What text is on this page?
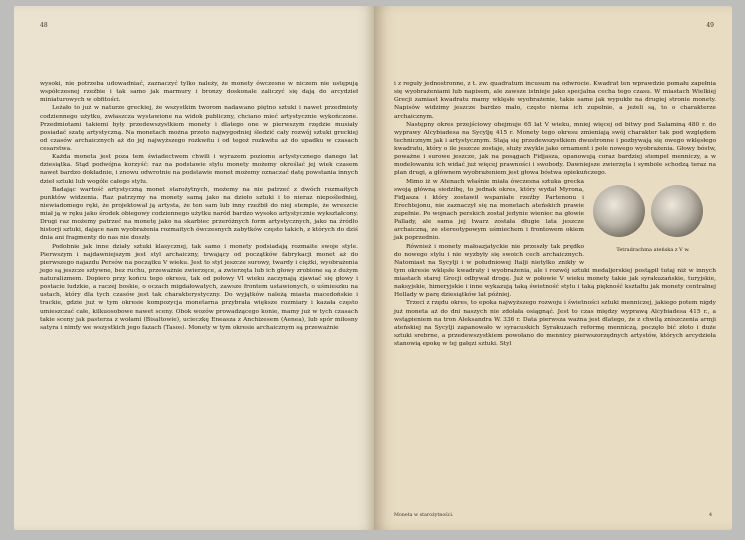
48

wysoki, nie potrzeba udowadniać, zaznaczyć tylko należy, że monety ówczesne w niczem nie ustępują współczesnej rzeźbie i tak samo jak marmury i bronzy doskonale zaliczyć się dają do arcydzieł miniaturowych w obfitości.

Leżało to już w naturze greckiej, że wszystkim tworom nadawano piętno sztuki i nawet przedmioty codziennego użytku, zwłaszcza wystawione na widok publiczny, chciano mieć artystycznie wykończone. Przedmiotami takiemi były przedewszystkiem monety i dlatego one w pierwszym rzędzie musiały posiadać szatę artystyczną. Na monetach można przeto najwygodniej śledzić cały rozwój sztuki greckiej od czasów archaicznych aż do jej najwyższego rozkwitu i od tegoż rozkwitu aż do upadku w czasach cesarstwa.

Każda moneta jest poza tem świadectwem chwili i wyrazem poziomu artystycznego danego lat dziesiątka. Stąd podwójna korzyść: raz na podstawie stylu monety możemy określać jej wiek czasem nawet bardzo dokładnie, i znowu odwrotnie na podstawie monet możemy oznaczać datę powstania innych dzieł sztuki lub wogóle całego stylu.

Badając wartość artystyczną monet starożytnych, możemy na nie patrzeć z dwóch rozmaitych punktów widzenia. Raz patrzymy na monety samą jako na dzieło sztuki i to nieraz niepośledniej, niewiadomego ręki, że projektował ją artysta, że ten sam lub inny rzeźbił do niej stemple, że wreszcie miał ją w ręku jako środek obiegowy codziennego użytku naród bardzo wysoko artystycznie wykształcony. Drugi raz możemy patrzeć na monetę jako na skarbiec przeróżnych form artystycznych, jako na źródło historji sztuki, dające nam wyobrażenia rozmaitych ówczesnych zabytków często takich, z których do dziś dnia ani fragmenty do nas nie doszły.

Podobnie jak inne działy sztuki klasycznej, tak samo i monety podsiadają rozmaite swoje style. Pierwszym i najdawniejszym jest styl archaiczny, trwający od początków fabrykacji monet aż do pierwszego najazdu Persów na początku V wieku. Jest to styl jeszcze surowy, twardy i ciężki, wyobrażenia jego są jeszcze sztywne, bez ruchu, przeważnie zwierzęce, a zwierzęta lub ich głowy zrobione są z dużym naturalizmem. Dopiero przy końcu tego okresu, tak od połowy VI wieku zaczynają zjawiać się głowy i postacie ludzkie, a raczej boskie, o oczach migdałowatych, zawsze frontem ustawionych, o uśmieszku na ustach, który dla tych czasów jest tak charakterystyczny. Do wyjątków należą miasta macedońskie i trackie, gdzie już w tym okresie kompozycja monetarna przybrała większe rozmiary i kazała często umieszczać całe, kilkuosobowe nawet sceny. Obok wozów prowadzącego konie, mamy już w tych czasach takie sceny jak pasterza z wołami (Bisaltowie), ucieczkę Eneasza z Anchizesem (Aenea), lub spór miłosny satyra i nimfy we wszystkich jego fazach (Tasos). Monety w tym okresie archaicznym są przeważnie

49

i z reguły jednostronne, z t. zw. quadratum incusum na odwrocie. Kwadrat ten wprawdzie pomału zapełnia się wyobrażeniami lub napisem, ale zawsze istnieje jako specjalna cecha tego czasu. W miastach Wielkiej Grecji zamiast kwadratu mamy wklęsłe wyobrażenie, takie same jak wypukłe na drugiej stronie monety. Napisów widzimy jeszcze bardzo mało, często niema ich zupełnie, a jeżeli są, to o charakterze archaicznym.

Następny okres przejściowy obejmuje 65 lat V wieku, mniej więcej od bitwy pod Salaminą 480 r. do wyprawy Alcybiadesa na Sycylję 415 r. Monety tego okresu zmieniają swój charakter tak pod względem technicznym jak i artystycznym. Stają się przedewszystkiem dwustronne i pozbywają się owego wklęsłego kwadratu, który o ile jeszcze zostaje, służy zwykle jako ornament i pole nowego wyobrażenia. Głowy bóstw, poważne i surowe jeszcze, jak na posągach Fidjasza, opanowują coraz bardziej stempel menniczy, a w modelowaniu ich widać już więcej prawności i swobody. Dawniejsze zwierzęta i symbole schodzą teraz na plan drugi, a głównem wyobrażeniem jest głowa bóstwa opiekuńczego.

Tetradrachma ateńska z V w.

Mimo iż w Atenach właśnie miała ówczesna sztuka grecka swoją główną siedzibę, to jednak okres, który wydał Myrona, Fidjasza i który zostawił wspaniałe rzeźby Partenonu i Erechtejonu, nie zaznaczył się na monetach ateńskich prawie zupełnie. Po wojnach perskich został jedynie wieniec na głowie Pallady, ale sama jej twarz została długie lata jeszcze archaiczną, ze stereotypowym uśmiechem i frontowem okiem jak poprzednio.

Również i monety małoazjatyckie nie przeszły tak prędko do nowego stylu i nie wyzbyły się swoich cech archaicznych. Natomiast na Sycylji i w południowej Italji nietylko znikły w tym okresie wklęsłe kwadraty i wyobrażenia, ale i rozwój sztuki medaljerskiej postąpił tutaj niż w innych miastach starej Grecji odbywał drogę. Już w połowie V wieku monety takie jak syrakuzańskie, turyjskie, naksyjskie, himeryjskie i inne wykazują taką świetność stylu i taką piękność kształtu jak monety centralnej Hellady w parę dziesiątków lat później.

Trzeci z rzędu okres, to epoka najwyższego rozwoju i świetności sztuki menniczej, jakiego potem nigdy już moneta aż do dni naszych nie zdołała osiągnąć. Jest to czas między wyprawą Alcybiadesa 415 r., a wstąpieniem na tron Aleksandra W. 336 r. Data pierwsza ważna jest dlatego, że z chwilą zniszczenia armji ateńskiej na Sycylji zapanowało w syracuskich Syrakuzach reformę menniczą, poczęło bić złoto i duże sztuki srebrne, a przedewszystkiem powołano do mennicy pierwszorzędnych artystów, których arcydzieła stanowią epokę w tej gałęzi sztuki. Styl

Moneta w starożytności.	4
